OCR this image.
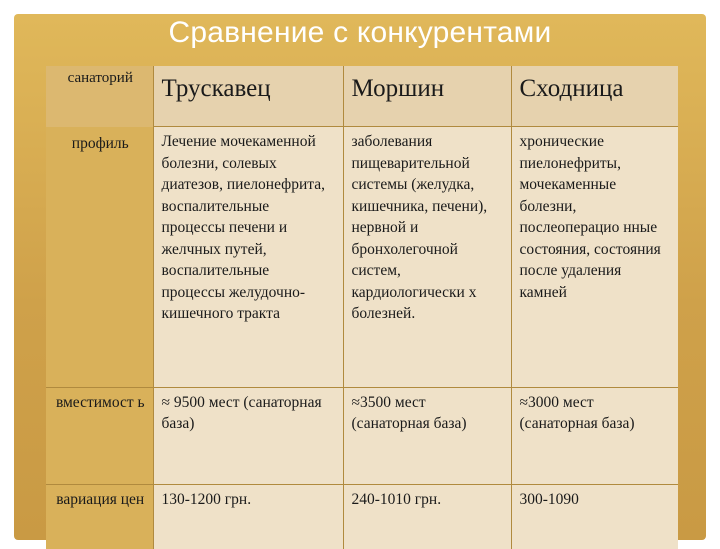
Сравнение с конкурентами
санаторий	Трускавец	Моршин	Сходница
профиль	Лечение мочекаменной болезни, солевых диатезов, пиелонефрита, воспалительные процессы печени и желчных путей, воспалительные процессы желудочно-кишечного тракта	заболевания пищеварительной системы (желудка, кишечника, печени), нервной и бронхолегочной систем, кардиологически х болезней.	хронические пиелонефриты, мочекаменные болезни, послеоперацио нные состояния, состояния после удаления камней
вместимост ь	≈ 9500 мест (санаторная база)	≈3500 мест (санаторная база)	≈3000 мест (санаторная база)
вариация цен	130-1200 грн.	240-1010 грн.	300-1090
